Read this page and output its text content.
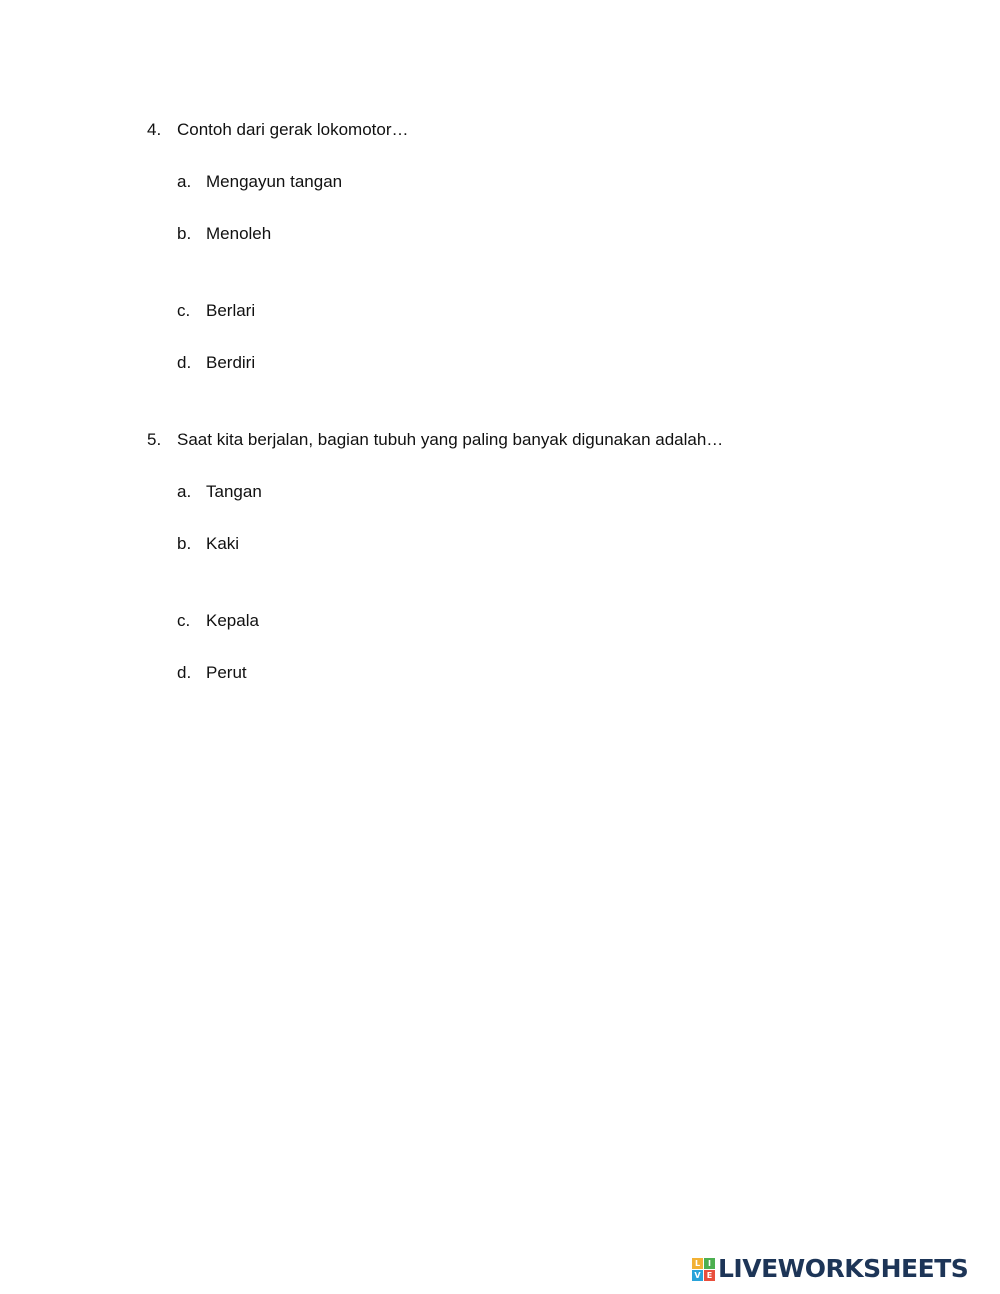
4. Contoh dari gerak lokomotor…
a. Mengayun tangan
b. Menoleh
c. Berlari
d. Berdiri
5. Saat kita berjalan, bagian tubuh yang paling banyak digunakan adalah…
a. Tangan
b. Kaki
c. Kepala
d. Perut
L I
V E LIVEWORKSHEETS
